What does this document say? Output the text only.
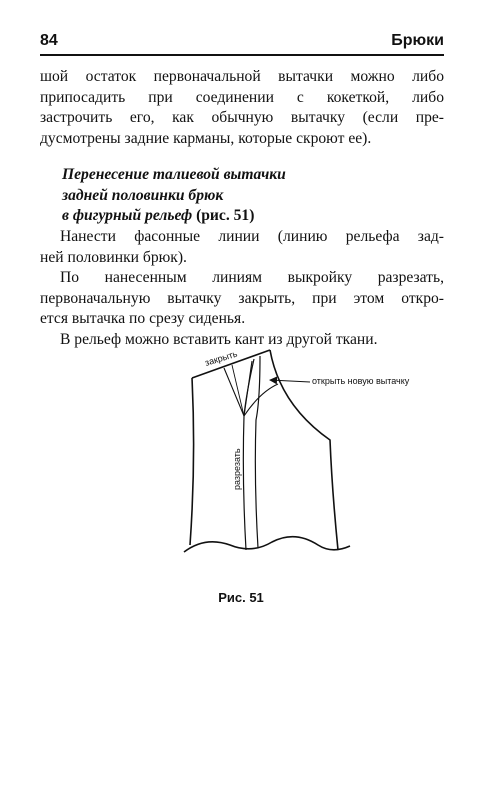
84	Брюки
шой остаток первоначальной вытачки можно либо
припосадить при соединении с кокеткой, либо
застрочить его, как обычную вытачку (если пре-
дусмотрены задние карманы, которые скроют ее).
Перенесение талиевой вытачки
задней половинки брюк
в фигурный рельеф (рис. 51)
Нанести фасонные линии (линию рельефа зад-
ней половинки брюк).
По нанесенным линиям выкройку разрезать,
первоначальную вытачку закрыть, при этом откро-
ется вытачка по срезу сиденья.
В рельеф можно вставить кант из другой ткани.
закрыть
открыть новую вытачку
разрезать
Рис. 51
